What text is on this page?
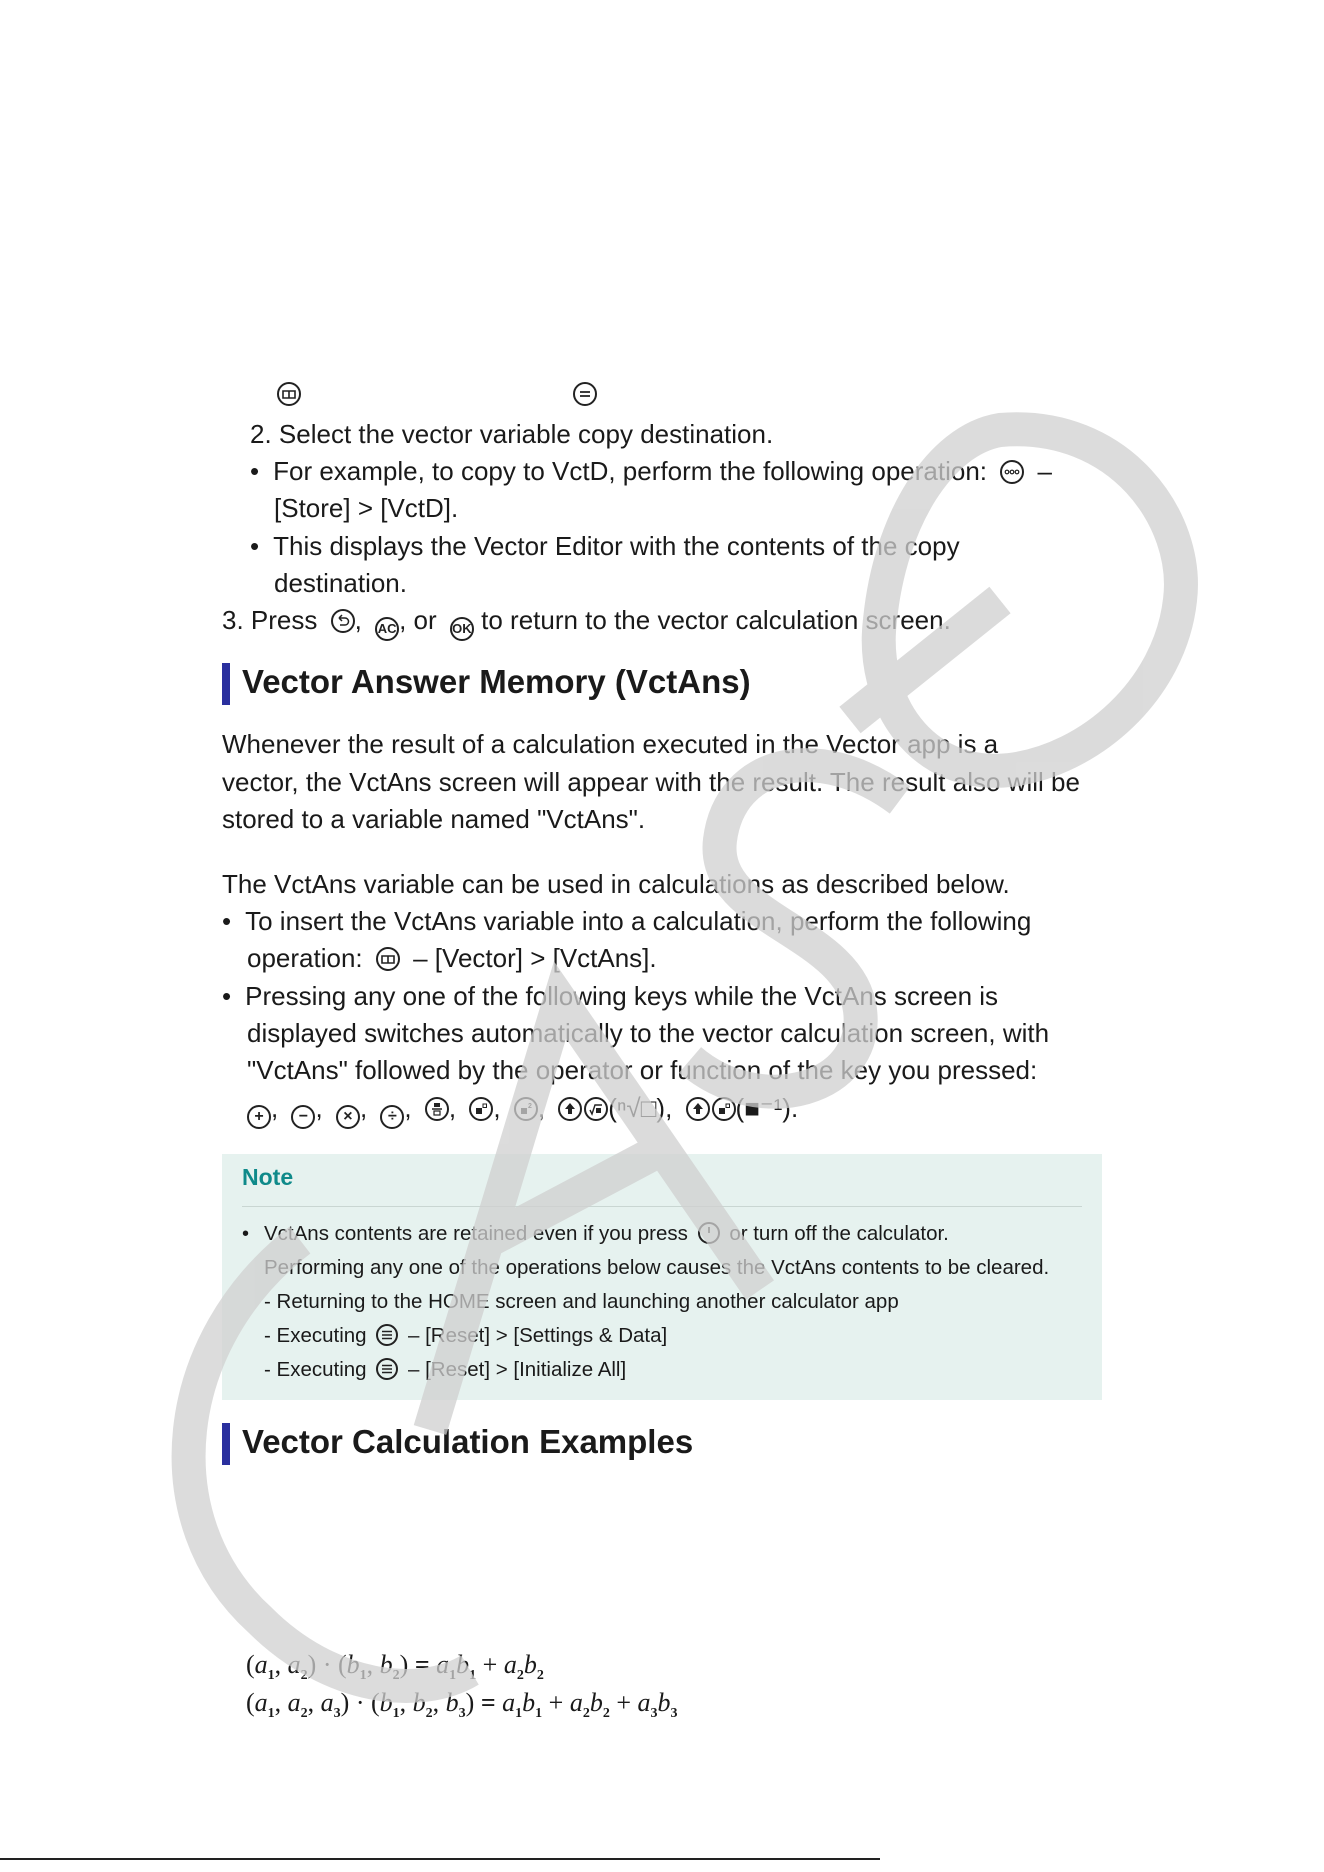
2. Select the vector variable copy destination.
• For example, to copy to VctD, perform the following operation: –
[Store] > [VctD].
• This displays the Vector Editor with the contents of the copy
destination.
3. Press , AC , or OK to return to the vector calculation screen.
Vector Answer Memory (VctAns)
Whenever the result of a calculation executed in the Vector app is a
vector, the VctAns screen will appear with the result. The result also will be
stored to a variable named "VctAns".
The VctAns variable can be used in calculations as described below.
• To insert the VctAns variable into a calculation, perform the following
operation: – [Vector] > [VctAns].
• Pressing any one of the following keys while the VctAns screen is
displayed switches automatically to the vector calculation screen, with
"VctAns" followed by the operator or function of the key you pressed:
+ , − , × , ÷ , , ,	2 , (ⁿ√□), (■⁻¹).
Note
• VctAns contents are retained even if you press or turn off the calculator.
Performing any one of the operations below causes the VctAns contents to be cleared.
- Returning to the HOME screen and launching another calculator app
- Executing – [Reset] > [Settings & Data]
- Executing – [Reset] > [Initialize All]
Vector Calculation Examples
($a_1$, $a_2) \cdot (b_1$, $b_2) = a_1b_1 + a_2b_2$
($a_1$, $a_2$, $a_3) \cdot (b_1$, $b_2$, $b_3) = a_1b_1 + a_2b_2 + a_3b_3$
